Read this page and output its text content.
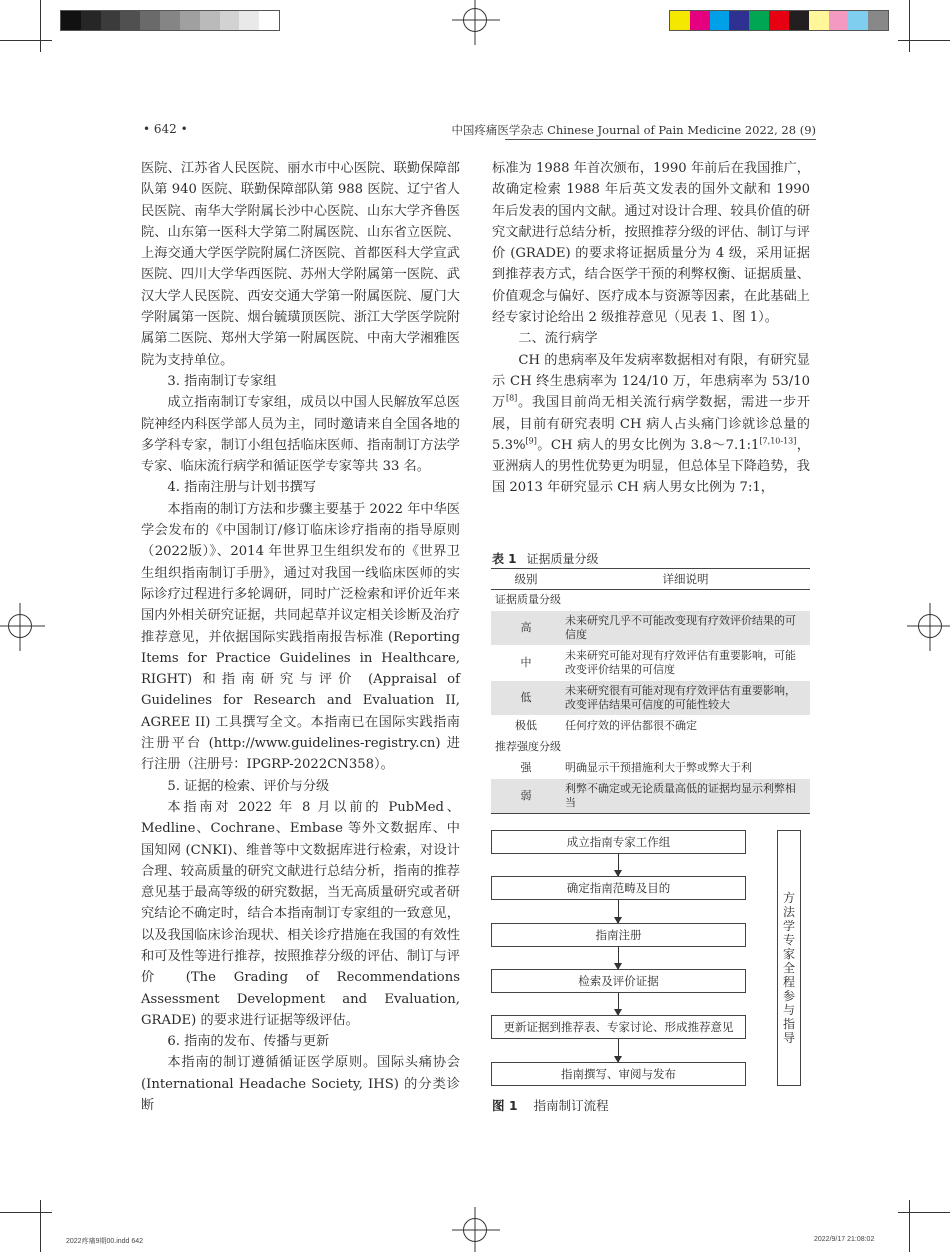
• 642 •	中国疼痛医学杂志 Chinese Journal of Pain Medicine 2022, 28 (9)

医院、江苏省人民医院、丽水市中心医院、联勤保障部队第 940 医院、联勤保障部队第 988 医院、辽宁省人民医院、南华大学附属长沙中心医院、山东大学齐鲁医院、山东第一医科大学第二附属医院、山东省立医院、上海交通大学医学院附属仁济医院、首都医科大学宣武医院、四川大学华西医院、苏州大学附属第一医院、武汉大学人民医院、西安交通大学第一附属医院、厦门大学附属第一医院、烟台毓璜顶医院、浙江大学医学院附属第二医院、郑州大学第一附属医院、中南大学湘雅医院为支持单位。

3. 指南制订专家组

成立指南制订专家组，成员以中国人民解放军总医院神经内科医学部人员为主，同时邀请来自全国各地的多学科专家，制订小组包括临床医师、指南制订方法学专家、临床流行病学和循证医学专家等共 33 名。

4. 指南注册与计划书撰写

本指南的制订方法和步骤主要基于 2022 年中华医学会发布的《中国制订/修订临床诊疗指南的指导原则（2022版）》、2014 年世界卫生组织发布的《世界卫生组织指南制订手册》，通过对我国一线临床医师的实际诊疗过程进行多轮调研，同时广泛检索和评价近年来国内外相关研究证据，共同起草并议定相关诊断及治疗推荐意见，并依据国际实践指南报告标准 (Reporting Items for Practice Guidelines in Healthcare, RIGHT) 和指南研究与评价 (Appraisal of Guidelines for Research and Evaluation II, AGREE II) 工具撰写全文。本指南已在国际实践指南注册平台 (http://www.guidelines-registry.cn) 进行注册（注册号：IPGRP-2022CN358）。

5. 证据的检索、评价与分级

本指南对 2022 年 8 月以前的 PubMed、Medline、Cochrane、Embase 等外文数据库、中国知网 (CNKI)、维普等中文数据库进行检索，对设计合理、较高质量的研究文献进行总结分析，指南的推荐意见基于最高等级的研究数据，当无高质量研究或者研究结论不确定时，结合本指南制订专家组的一致意见，以及我国临床诊治现状、相关诊疗措施在我国的有效性和可及性等进行推荐，按照推荐分级的评估、制订与评价 (The Grading of Recommendations Assessment Development and Evaluation, GRADE) 的要求进行证据等级评估。

6. 指南的发布、传播与更新

本指南的制订遵循循证医学原则。国际头痛协会 (International Headache Society, IHS) 的分类诊断

标准为 1988 年首次颁布，1990 年前后在我国推广，故确定检索 1988 年后英文发表的国外文献和 1990 年后发表的国内文献。通过对设计合理、较具价值的研究文献进行总结分析，按照推荐分级的评估、制订与评价 (GRADE) 的要求将证据质量分为 4 级，采用证据到推荐表方式，结合医学干预的利弊权衡、证据质量、价值观念与偏好、医疗成本与资源等因素，在此基础上经专家讨论给出 2 级推荐意见（见表 1、图 1）。

二、流行病学

CH 的患病率及年发病率数据相对有限，有研究显示 CH 终生患病率为 124/10 万，年患病率为 53/10 万[8]。我国目前尚无相关流行病学数据，需进一步开展，目前有研究表明 CH 病人占头痛门诊就诊总量的 5.3%[9]。CH 病人的男女比例为 3.8～7.1:1[7,10-13]，亚洲病人的男性优势更为明显，但总体呈下降趋势，我国 2013 年研究显示 CH 病人男女比例为 7:1，

表 1 证据质量分级
级别	详细说明
证据质量分级	
高	未来研究几乎不可能改变现有疗效评价结果的可信度
中	未来研究可能对现有疗效评估有重要影响，可能改变评价结果的可信度
低	未来研究很有可能对现有疗效评估有重要影响，改变评估结果可信度的可能性较大
极低	任何疗效的评估都很不确定
推荐强度分级	
强	明确显示干预措施利大于弊或弊大于利
弱	利弊不确定或无论质量高低的证据均显示利弊相当
成立指南专家工作组
确定指南范畴及目的
指南注册
检索及评价证据
更新证据到推荐表、专家讨论、形成推荐意见
指南撰写、审阅与发布
方法学专家全程参与指导
图 1 指南制订流程
2022疼痛9期00.indd 642	2022/9/17 21:08:02
